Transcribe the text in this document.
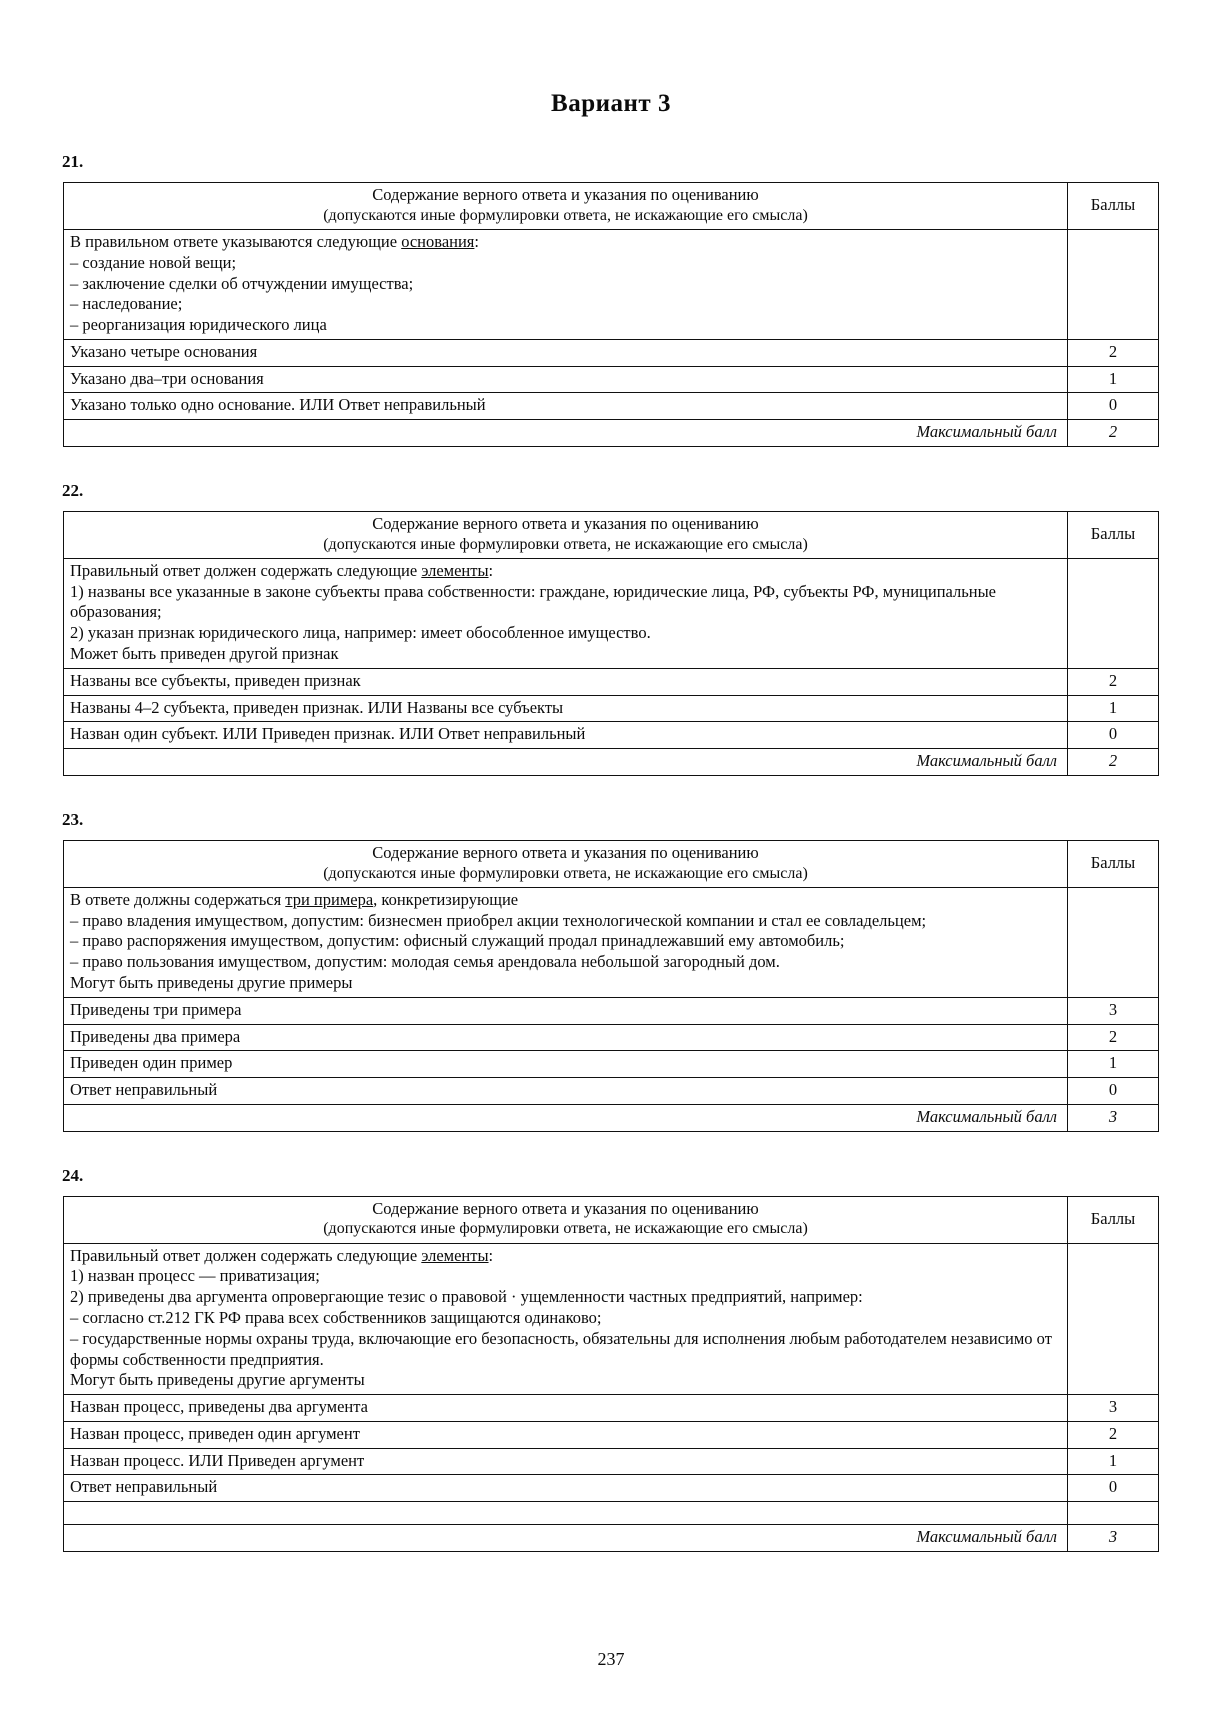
Вариант 3
21.
Содержание верного ответа и указания по оцениванию
(допускаются иные формулировки ответа, не искажающие его смысла)	Баллы

В правильном ответе указываются следующие основания:

– создание новой вещи;

– заключение сделки об отчуждении имущества;

– наследование;

– реорганизация юридического лица	

Указано четыре основания	2
Указано два–три основания	1
Указано только одно основание. ИЛИ Ответ неправильный	0
Максимальный балл	2
22.
Содержание верного ответа и указания по оцениванию
(допускаются иные формулировки ответа, не искажающие его смысла)	Баллы

Правильный ответ должен содержать следующие элементы:

1) названы все указанные в законе субъекты права собственности: граждане, юридические лица, РФ, субъекты РФ, муниципальные образования;

2) указан признак юридического лица, например: имеет обособленное имущество.

Может быть приведен другой признак	

Названы все субъекты, приведен признак	2
Названы 4–2 субъекта, приведен признак. ИЛИ Названы все субъекты	1
Назван один субъект. ИЛИ Приведен признак. ИЛИ Ответ неправильный	0
Максимальный балл	2
23.
Содержание верного ответа и указания по оцениванию
(допускаются иные формулировки ответа, не искажающие его смысла)	Баллы

В ответе должны содержаться три примера, конкретизирующие

– право владения имуществом, допустим: бизнесмен приобрел акции технологической компании и стал ее совладельцем;

– право распоряжения имуществом, допустим: офисный служащий продал принадлежавший ему автомобиль;

– право пользования имуществом, допустим: молодая семья арендовала небольшой загородный дом.

Могут быть приведены другие примеры	

Приведены три примера	3
Приведены два примера	2
Приведен один пример	1
Ответ неправильный	0
Максимальный балл	3
24.
Содержание верного ответа и указания по оцениванию
(допускаются иные формулировки ответа, не искажающие его смысла)	Баллы

Правильный ответ должен содержать следующие элементы:

1) назван процесс — приватизация;

2) приведены два аргумента опровергающие тезис о правовой · ущемленности частных предприятий, например:

– согласно ст.212 ГК РФ права всех собственников защищаются одинаково;

– государственные нормы охраны труда, включающие его безопасность, обязательны для исполнения любым работодателем независимо от формы собственности предприятия.

Могут быть приведены другие аргументы

Назван процесс, приведены два аргумента	3
Назван процесс, приведен один аргумент	2
Назван процесс. ИЛИ Приведен аргумент	1
Ответ неправильный	0

Максимальный балл	3
237
